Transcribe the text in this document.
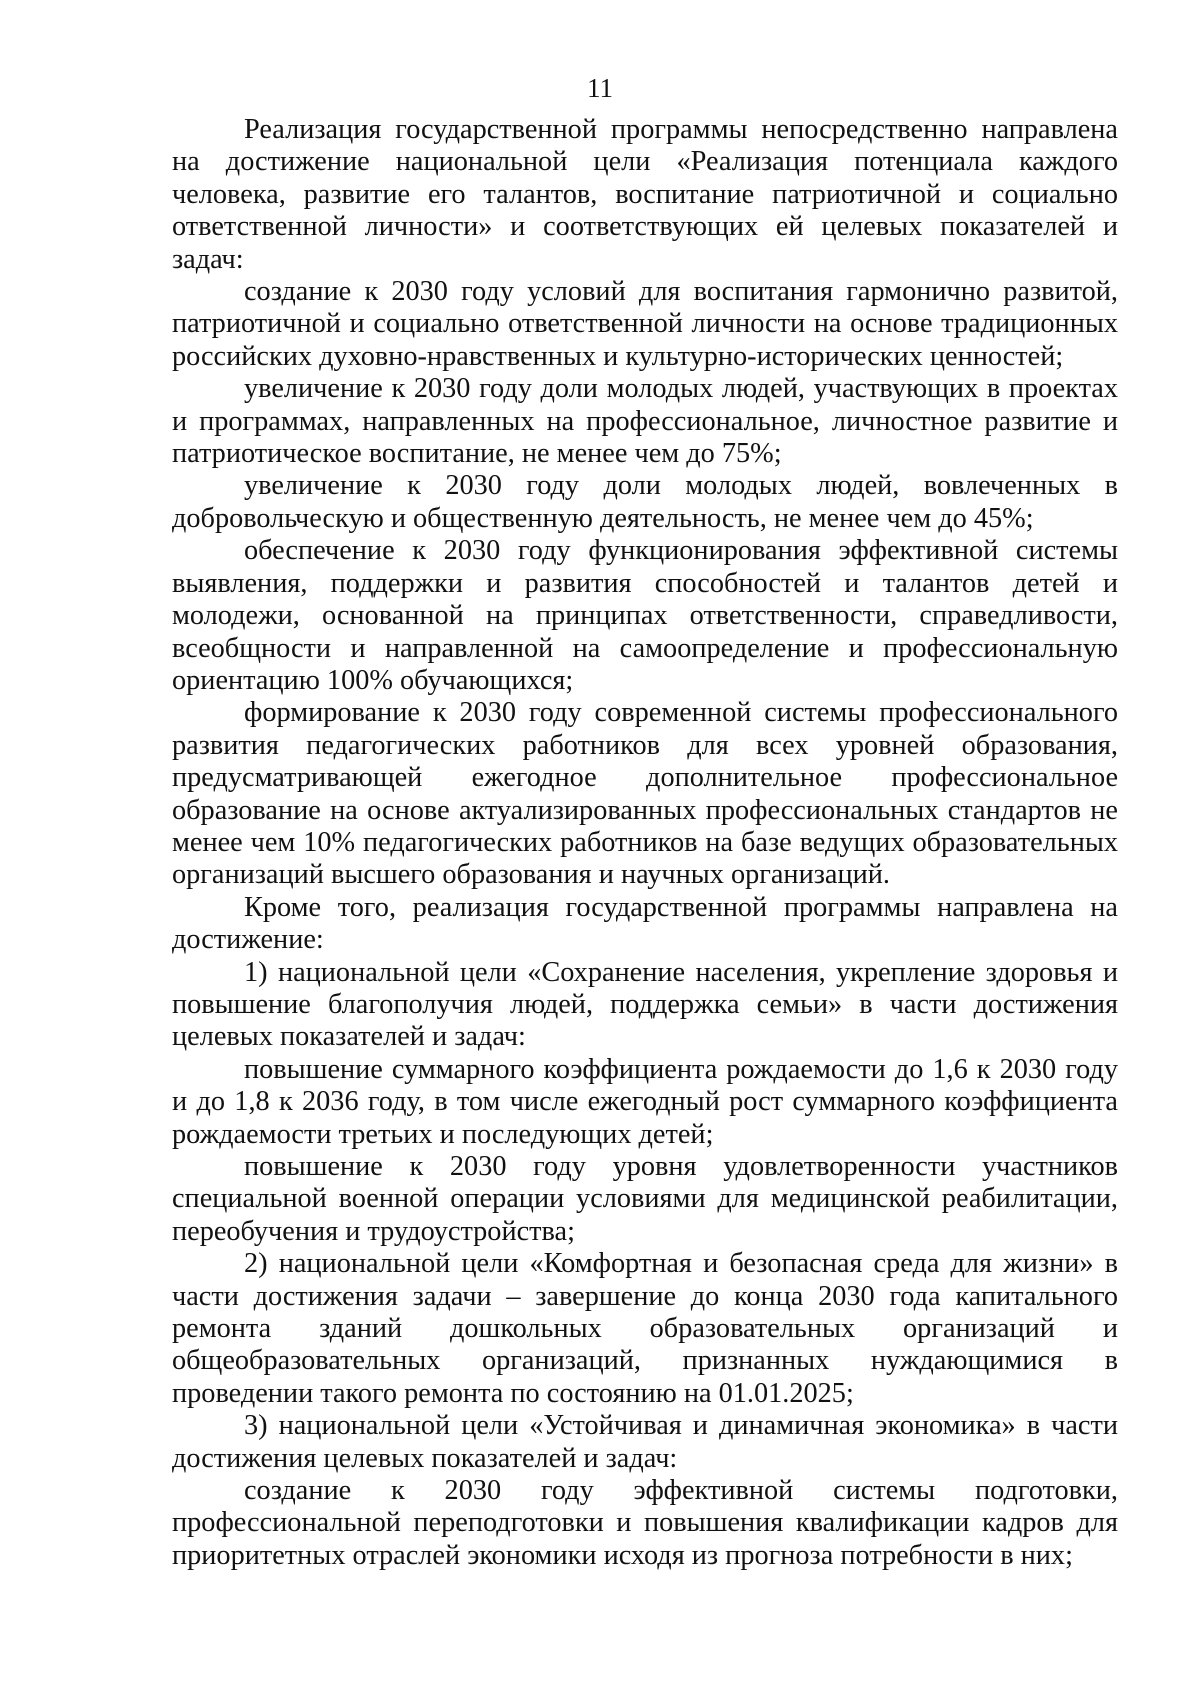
11

Реализация государственной программы непосредственно направлена на достижение национальной цели «Реализация потенциала каждого человека, развитие его талантов, воспитание патриотичной и социально ответственной личности» и соответствующих ей целевых показателей и задач:

создание к 2030 году условий для воспитания гармонично развитой, патриотичной и социально ответственной личности на основе традиционных российских духовно-нравственных и культурно-исторических ценностей;

увеличение к 2030 году доли молодых людей, участвующих в проектах и программах, направленных на профессиональное, личностное развитие и патриотическое воспитание, не менее чем до 75%;

увеличение к 2030 году доли молодых людей, вовлеченных в добровольческую и общественную деятельность, не менее чем до 45%;

обеспечение к 2030 году функционирования эффективной системы выявления, поддержки и развития способностей и талантов детей и молодежи, основанной на принципах ответственности, справедливости, всеобщности и направленной на самоопределение и профессиональную ориентацию 100% обучающихся;

формирование к 2030 году современной системы профессионального развития педагогических работников для всех уровней образования, предусматривающей ежегодное дополнительное профессиональное образование на основе актуализированных профессиональных стандартов не менее чем 10% педагогических работников на базе ведущих образовательных организаций высшего образования и научных организаций.

Кроме того, реализация государственной программы направлена на достижение:

1) национальной цели «Сохранение населения, укрепление здоровья и повышение благополучия людей, поддержка семьи» в части достижения целевых показателей и задач:

повышение суммарного коэффициента рождаемости до 1,6 к 2030 году и до 1,8 к 2036 году, в том числе ежегодный рост суммарного коэффициента рождаемости третьих и последующих детей;

повышение к 2030 году уровня удовлетворенности участников специальной военной операции условиями для медицинской реабилитации, переобучения и трудоустройства;

2) национальной цели «Комфортная и безопасная среда для жизни» в части достижения задачи – завершение до конца 2030 года капитального ремонта зданий дошкольных образовательных организаций и общеобразовательных организаций, признанных нуждающимися в проведении такого ремонта по состоянию на 01.01.2025;

3) национальной цели «Устойчивая и динамичная экономика» в части достижения целевых показателей и задач:

создание к 2030 году эффективной системы подготовки, профессиональной переподготовки и повышения квалификации кадров для приоритетных отраслей экономики исходя из прогноза потребности в них;
